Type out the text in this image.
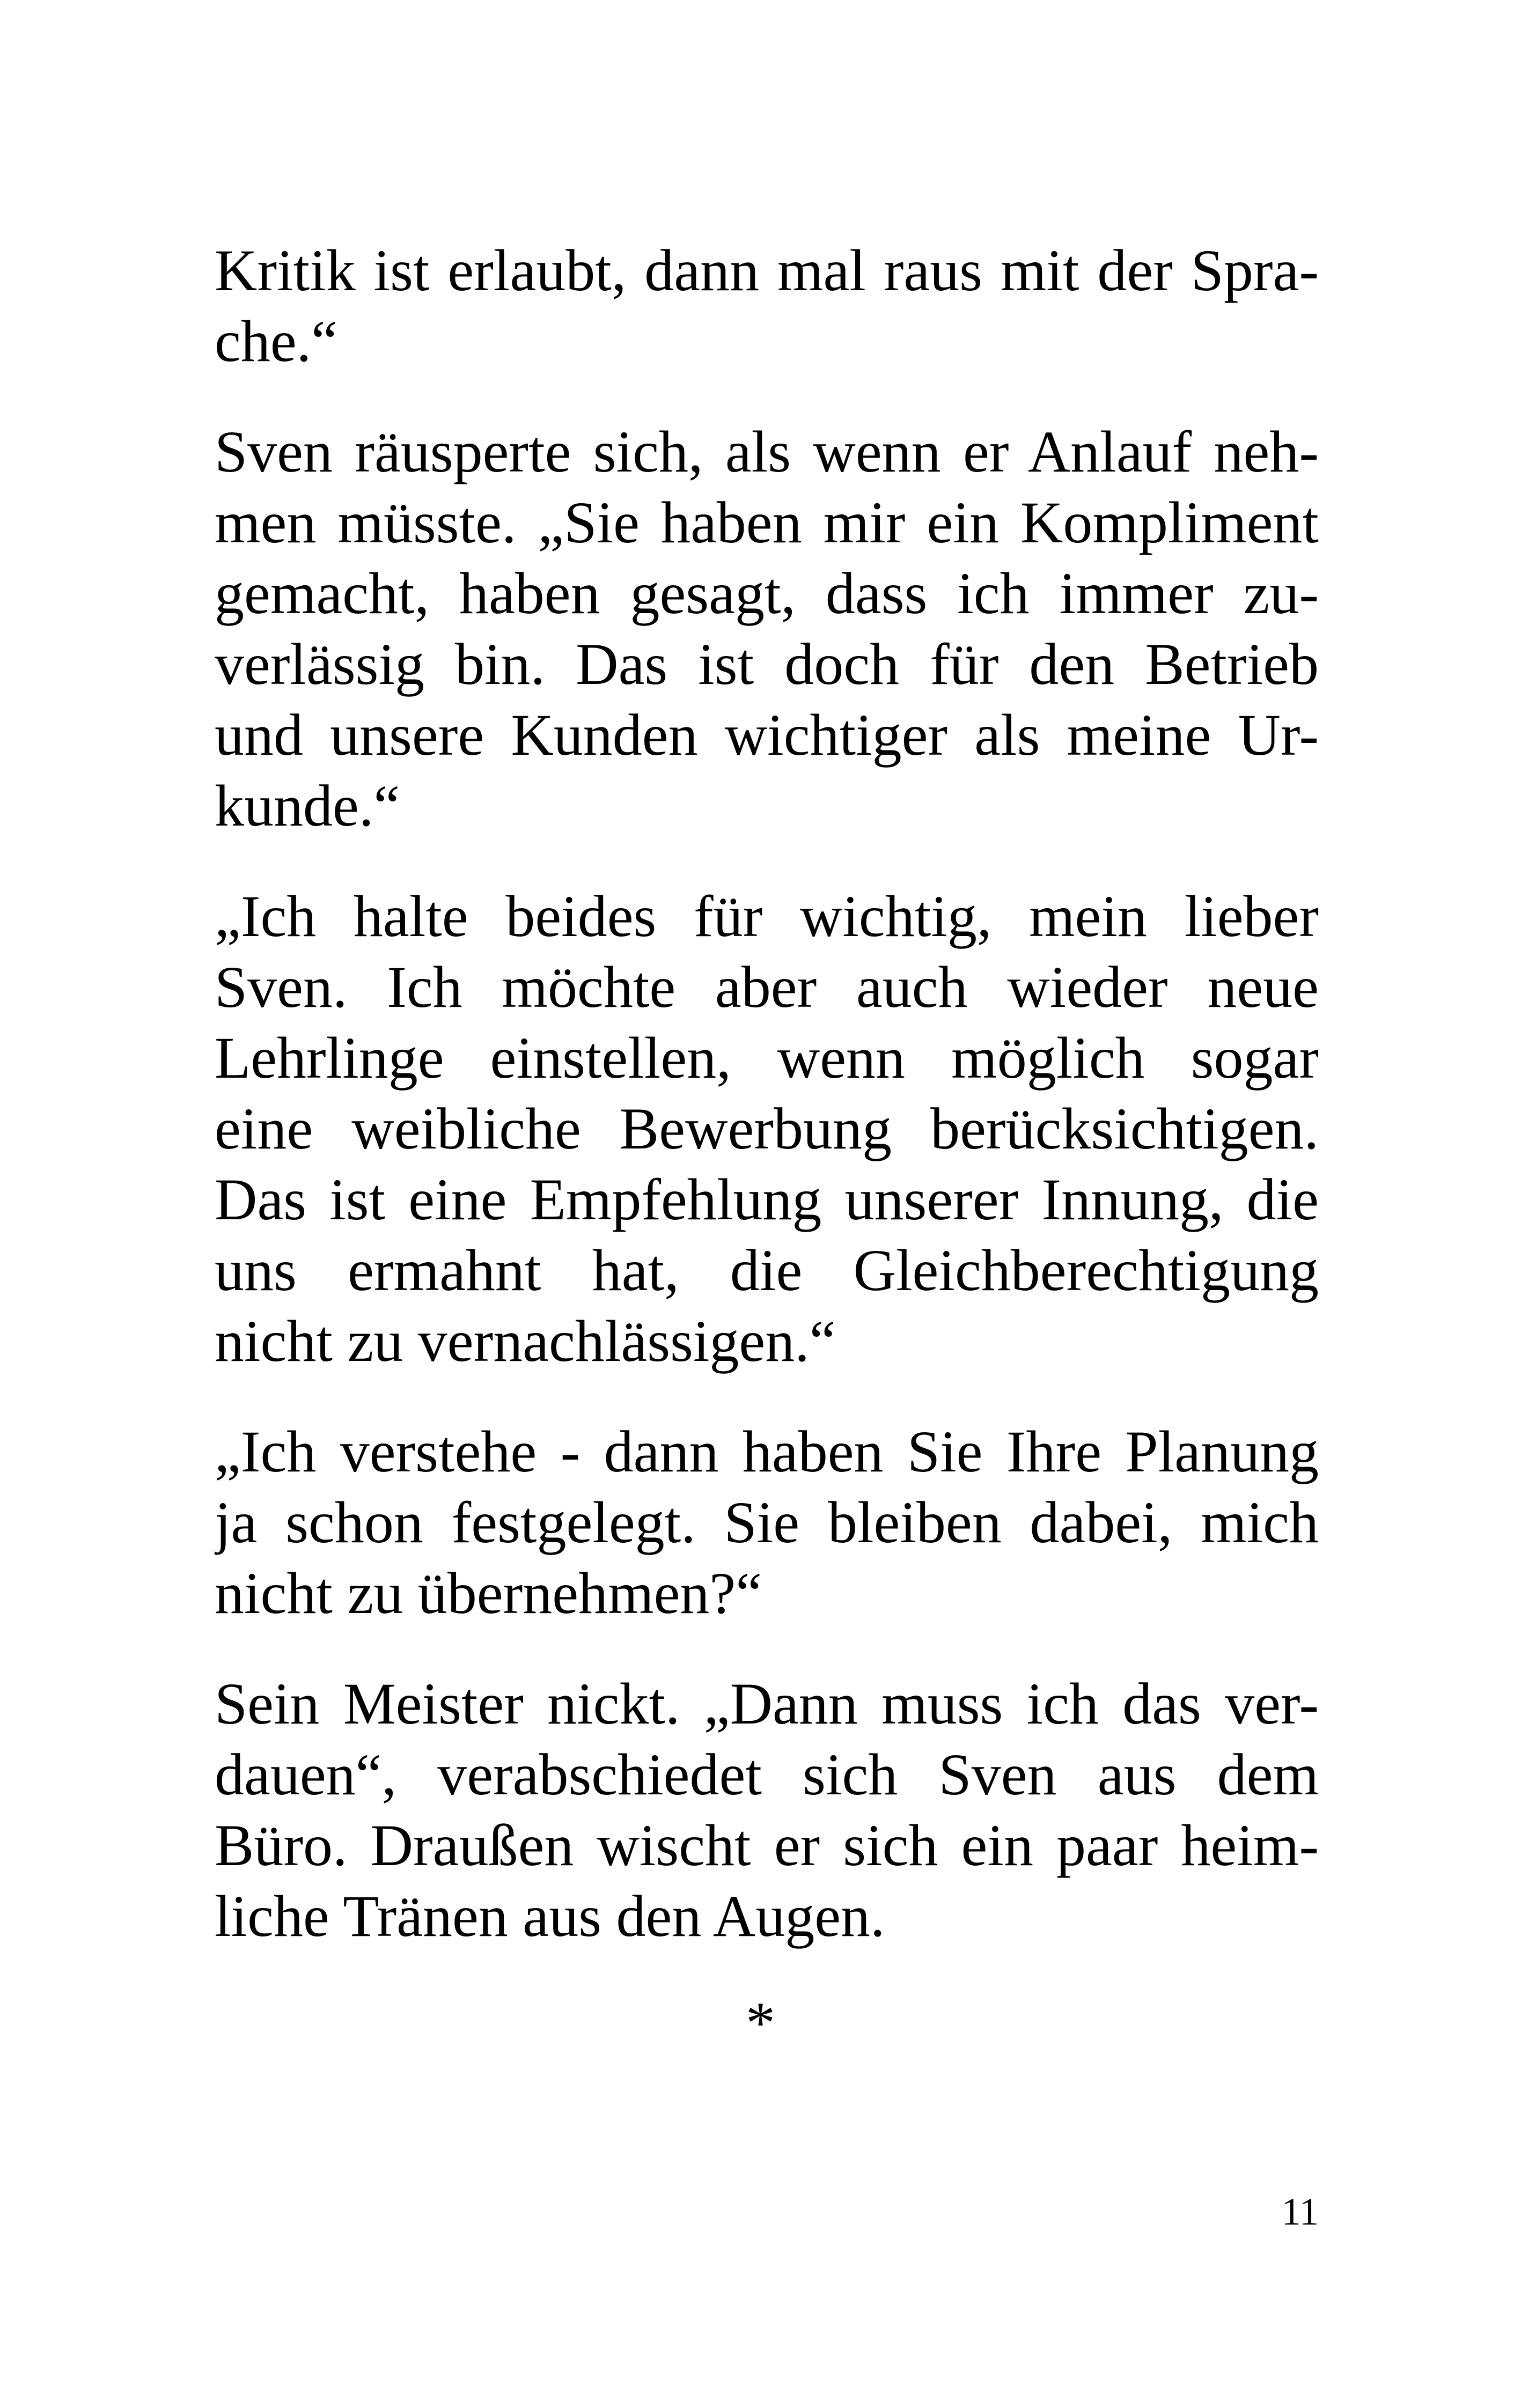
Kritik ist erlaubt, dann mal raus mit der Spra-
che.“

Sven räusperte sich, als wenn er Anlauf neh-
men müsste. „Sie haben mir ein Kompliment
gemacht, haben gesagt, dass ich immer zu-
verlässig bin. Das ist doch für den Betrieb
und unsere Kunden wichtiger als meine Ur-
kunde.“

„Ich halte beides für wichtig, mein lieber
Sven. Ich möchte aber auch wieder neue
Lehrlinge einstellen, wenn möglich sogar
eine weibliche Bewerbung berücksichtigen.
Das ist eine Empfehlung unserer Innung, die
uns ermahnt hat, die Gleichberechtigung
nicht zu vernachlässigen.“

„Ich verstehe - dann haben Sie Ihre Planung
ja schon festgelegt. Sie bleiben dabei, mich
nicht zu übernehmen?“

Sein Meister nickt. „Dann muss ich das ver-
dauen“, verabschiedet sich Sven aus dem
Büro. Draußen wischt er sich ein paar heim-
liche Tränen aus den Augen.

*
11
